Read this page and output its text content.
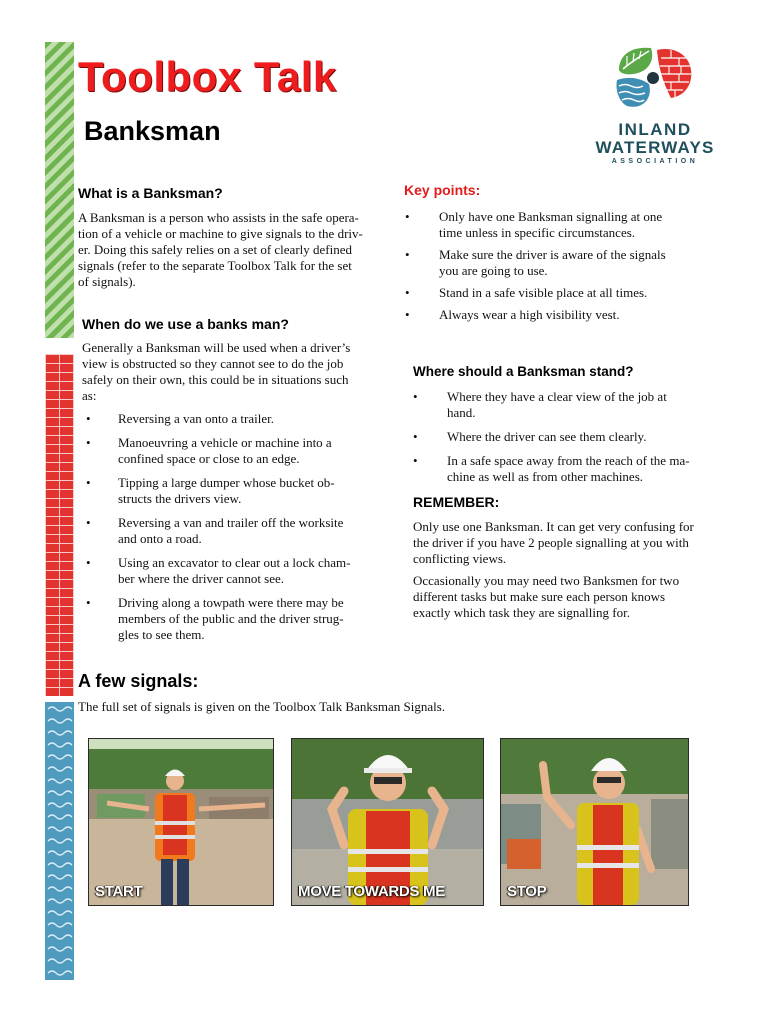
Toolbox Talk
Banksman	INLAND
WATERWAYS
ASSOCIATION
What is a Banksman?

A Banksman is a person who assists in the safe opera-
tion of a vehicle or machine to give signals to the driv-
er. Doing this safely relies on a set of clearly defined
signals (refer to the separate Toolbox Talk for the set
of signals).

When do we use a banks man?

Generally a Banksman will be used when a driver’s
view is obstructed so they cannot see to do the job
safely on their own, this could be in situations such
as:

• Reversing a van onto a trailer.
• Manoeuvring a vehicle or machine into a
confined space or close to an edge.
• Tipping a large dumper whose bucket ob-
structs the drivers view.
• Reversing a van and trailer off the worksite
and onto a road.
• Using an excavator to clear out a lock cham-
ber where the driver cannot see.
• Driving along a towpath were there may be
members of the public and the driver strug-
gles to see them.
Key points:
• Only have one Banksman signalling at one
time unless in specific circumstances.
• Make sure the driver is aware of the signals
you are going to use.
• Stand in a safe visible place at all times.
• Always wear a high visibility vest.
Where should a Banksman stand?
• Where they have a clear view of the job at
hand.
• Where the driver can see them clearly.
• In a safe space away from the reach of the ma-
chine as well as from other machines.
REMEMBER:

Only use one Banksman. It can get very confusing for
the driver if you have 2 people signalling at you with
conflicting views.

Occasionally you may need two Banksmen for two
different tasks but make sure each person knows
exactly which task they are signalling for.

A few signals:

The full set of signals is given on the Toolbox Talk Banksman Signals.

START	MOVE TOWARDS ME	STOP
